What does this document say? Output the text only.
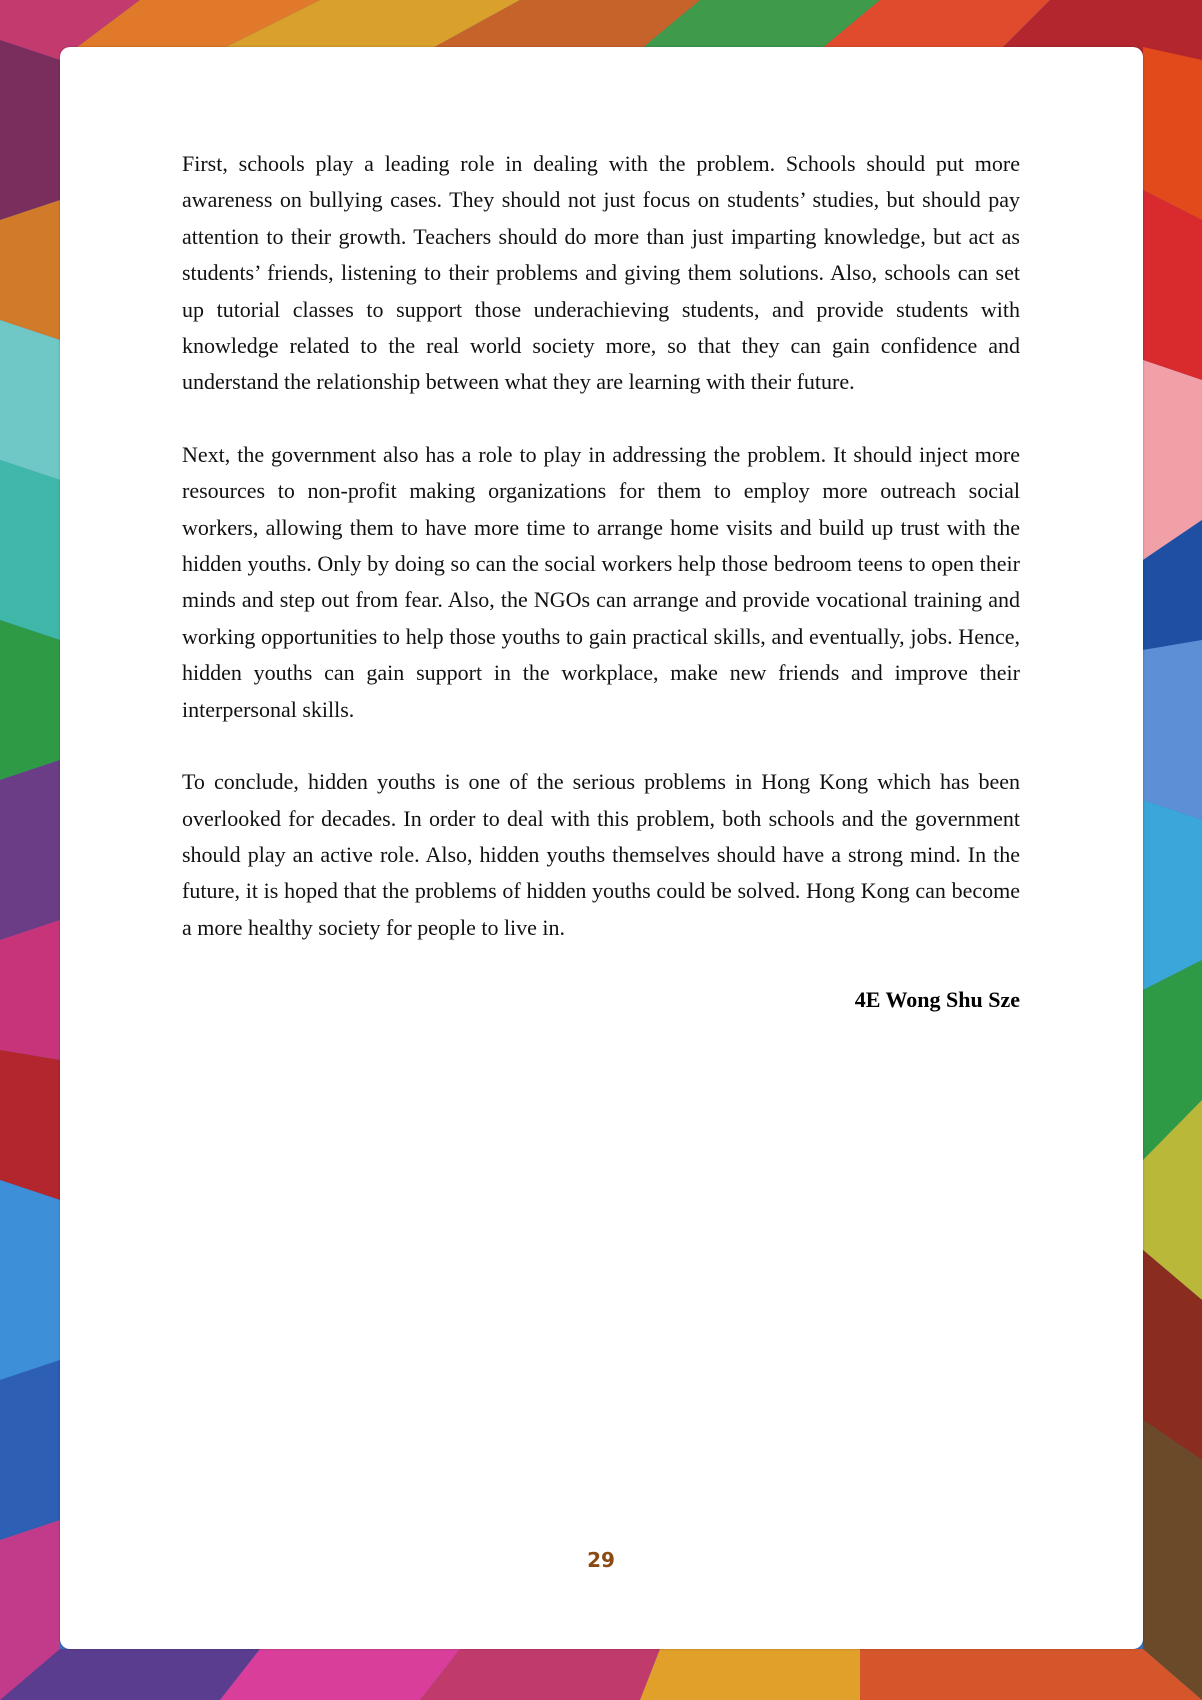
First, schools play a leading role in dealing with the problem. Schools should put more awareness on bullying cases. They should not just focus on students’ studies, but should pay attention to their growth. Teachers should do more than just imparting knowledge, but act as students’ friends, listening to their problems and giving them solutions. Also, schools can set up tutorial classes to support those underachieving students, and provide students with knowledge related to the real world society more, so that they can gain confidence and understand the relationship between what they are learning with their future.

Next, the government also has a role to play in addressing the problem. It should inject more resources to non-profit making organizations for them to employ more outreach social workers, allowing them to have more time to arrange home visits and build up trust with the hidden youths. Only by doing so can the social workers help those bedroom teens to open their minds and step out from fear. Also, the NGOs can arrange and provide vocational training and working opportunities to help those youths to gain practical skills, and eventually, jobs. Hence, hidden youths can gain support in the workplace, make new friends and improve their interpersonal skills.

To conclude, hidden youths is one of the serious problems in Hong Kong which has been overlooked for decades. In order to deal with this problem, both schools and the government should play an active role. Also, hidden youths themselves should have a strong mind. In the future, it is hoped that the problems of hidden youths could be solved. Hong Kong can become a more healthy society for people to live in.

4E Wong Shu Sze

29
